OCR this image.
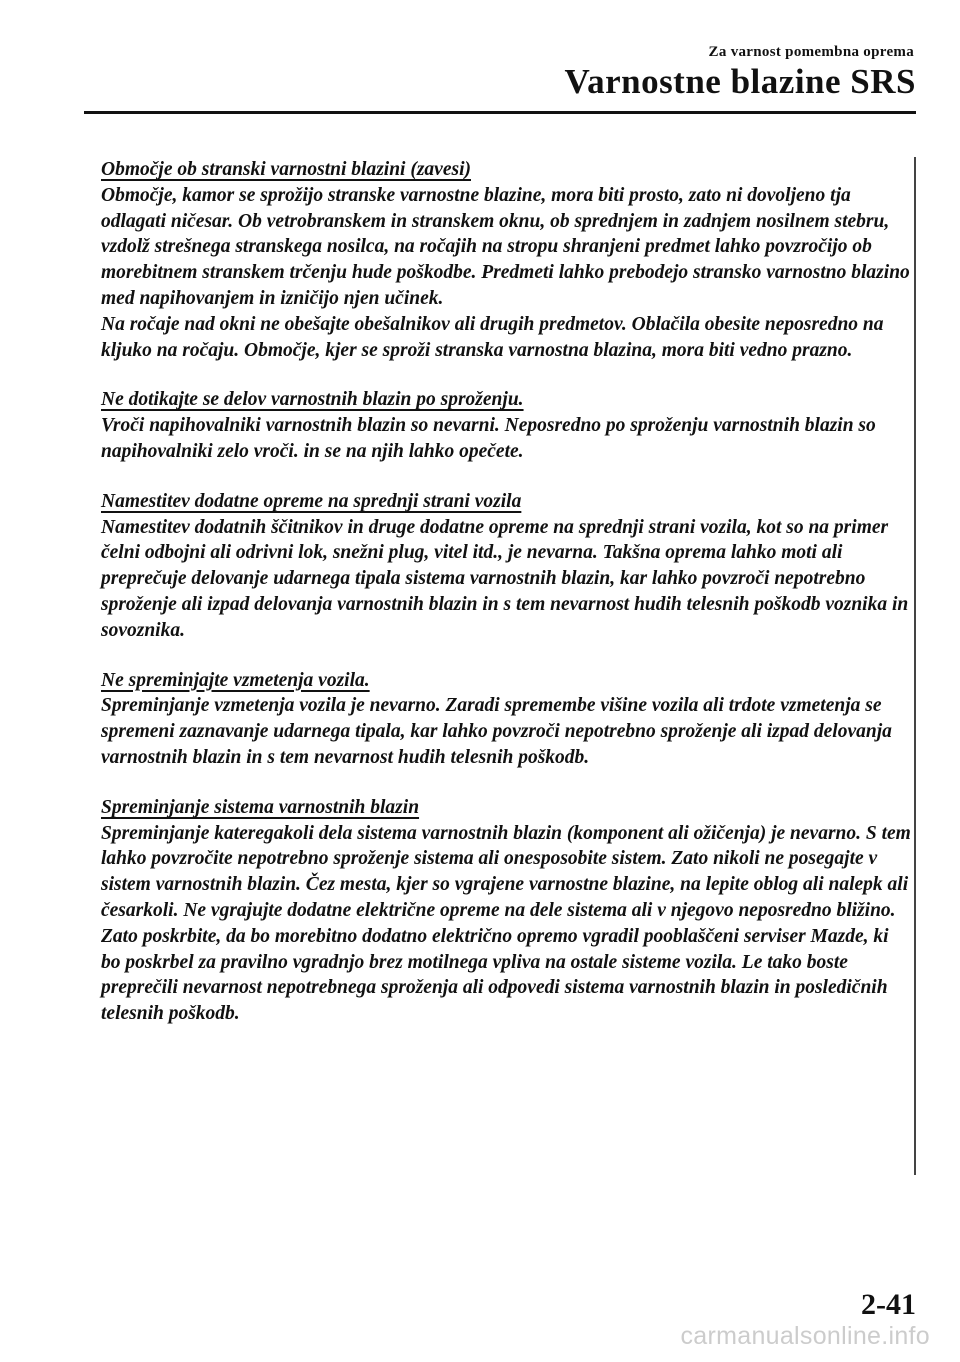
Za varnost pomembna oprema
Varnostne blazine SRS
Območje ob stranski varnostni blazini (zavesi)

Območje, kamor se sprožijo stranske varnostne blazine, mora biti prosto, zato ni dovoljeno tja odlagati ničesar. Ob vetrobranskem in stranskem oknu, ob sprednjem in zadnjem nosilnem stebru, vzdolž strešnega stranskega nosilca, na ročajih na stropu shranjeni predmet lahko povzročijo ob morebitnem stranskem trčenju hude poškodbe. Predmeti lahko prebodejo stransko varnostno blazino med napihovanjem in izničijo njen učinek.

Na ročaje nad okni ne obešajte obešalnikov ali drugih predmetov. Oblačila obesite neposredno na kljuko na ročaju. Območje, kjer se sproži stranska varnostna blazina, mora biti vedno prazno.

Ne dotikajte se delov varnostnih blazin po sproženju.

Vroči napihovalniki varnostnih blazin so nevarni. Neposredno po sproženju varnostnih blazin so napihovalniki zelo vroči. in se na njih lahko opečete.

Namestitev dodatne opreme na sprednji strani vozila

Namestitev dodatnih ščitnikov in druge dodatne opreme na sprednji strani vozila, kot so na primer čelni odbojni ali odrivni lok, snežni plug, vitel itd., je nevarna. Takšna oprema lahko moti ali preprečuje delovanje udarnega tipala sistema varnostnih blazin, kar lahko povzroči nepotrebno sproženje ali izpad delovanja varnostnih blazin in s tem nevarnost hudih telesnih poškodb voznika in sovoznika.

Ne spreminjajte vzmetenja vozila.

Spreminjanje vzmetenja vozila je nevarno. Zaradi spremembe višine vozila ali trdote vzmetenja se spremeni zaznavanje udarnega tipala, kar lahko povzroči nepotrebno sproženje ali izpad delovanja varnostnih blazin in s tem nevarnost hudih telesnih poškodb.

Spreminjanje sistema varnostnih blazin

Spreminjanje kateregakoli dela sistema varnostnih blazin (komponent ali ožičenja) je nevarno. S tem lahko povzročite nepotrebno sproženje sistema ali onesposobite sistem. Zato nikoli ne posegajte v sistem varnostnih blazin. Čez mesta, kjer so vgrajene varnostne blazine, na lepite oblog ali nalepk ali česarkoli. Ne vgrajujte dodatne električne opreme na dele sistema ali v njegovo neposredno bližino. Zato poskrbite, da bo morebitno dodatno električno opremo vgradil pooblaščeni serviser Mazde, ki bo poskrbel za pravilno vgradnjo brez motilnega vpliva na ostale sisteme vozila. Le tako boste preprečili nevarnost nepotrebnega sproženja ali odpovedi sistema varnostnih blazin in posledičnih telesnih poškodb.

2-41
carmanualsonline.info
